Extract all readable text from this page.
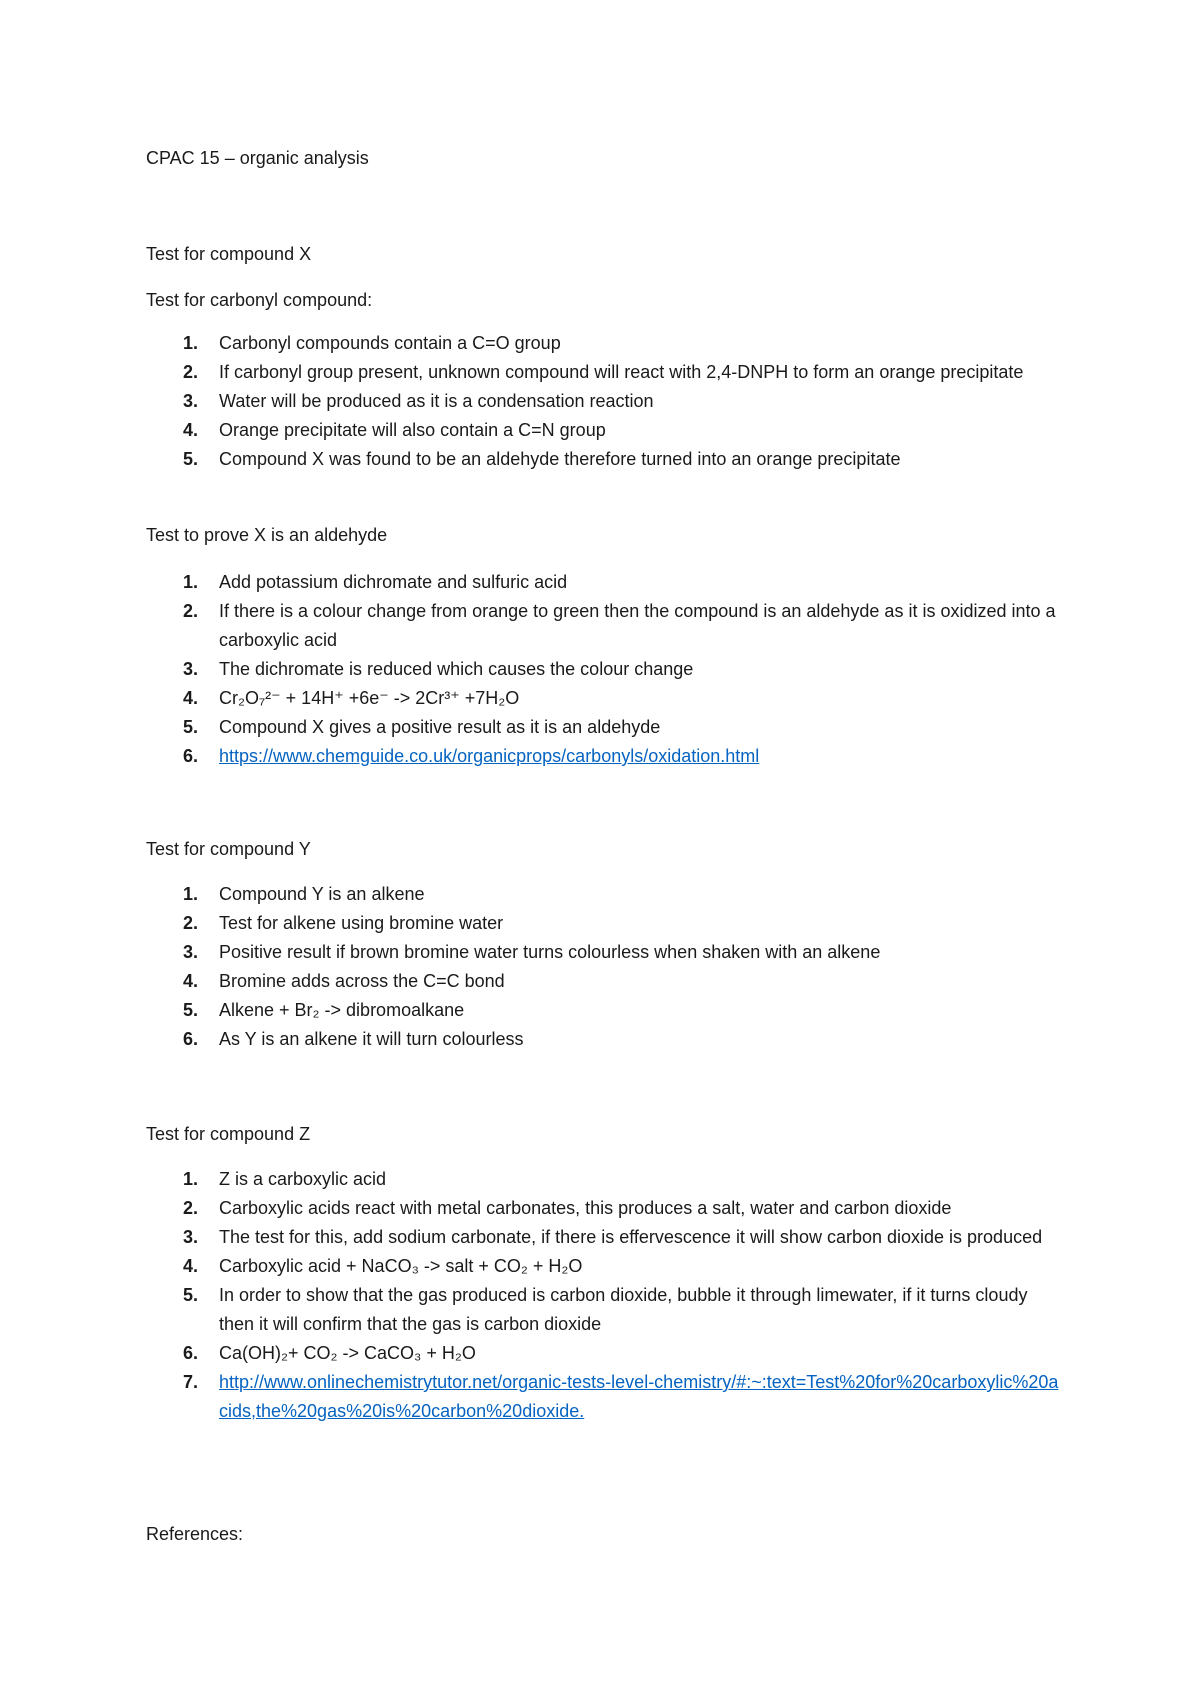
CPAC 15 – organic analysis
Test for compound X
Test for carbonyl compound:
1. Carbonyl compounds contain a C=O group
2. If carbonyl group present, unknown compound will react with 2,4-DNPH to form an orange precipitate
3. Water will be produced as it is a condensation reaction
4. Orange precipitate will also contain a C=N group
5. Compound X was found to be an aldehyde therefore turned into an orange precipitate
Test to prove X is an aldehyde
1. Add potassium dichromate and sulfuric acid
2. If there is a colour change from orange to green then the compound is an aldehyde as it is oxidized into a carboxylic acid
3. The dichromate is reduced which causes the colour change
4. Cr₂O₇²⁻ + 14H⁺ +6e⁻ -> 2Cr³⁺ +7H₂O
5. Compound X gives a positive result as it is an aldehyde
6. https://www.chemguide.co.uk/organicprops/carbonyls/oxidation.html
Test for compound Y
1. Compound Y is an alkene
2. Test for alkene using bromine water
3. Positive result if brown bromine water turns colourless when shaken with an alkene
4. Bromine adds across the C=C bond
5. Alkene + Br₂ -> dibromoalkane
6. As Y is an alkene it will turn colourless
Test for compound Z
1. Z is a carboxylic acid
2. Carboxylic acids react with metal carbonates, this produces a salt, water and carbon dioxide
3. The test for this, add sodium carbonate, if there is effervescence it will show carbon dioxide is produced
4. Carboxylic acid + NaCO₃ -> salt + CO₂ + H₂O
5. In order to show that the gas produced is carbon dioxide, bubble it through limewater, if it turns cloudy then it will confirm that the gas is carbon dioxide
6. Ca(OH)₂+ CO₂ -> CaCO₃ + H₂O
7. http://www.onlinechemistrytutor.net/organic-tests-level-chemistry/#:~:text=Test%20for%20carboxylic%20acids,the%20gas%20is%20carbon%20dioxide.
References:
